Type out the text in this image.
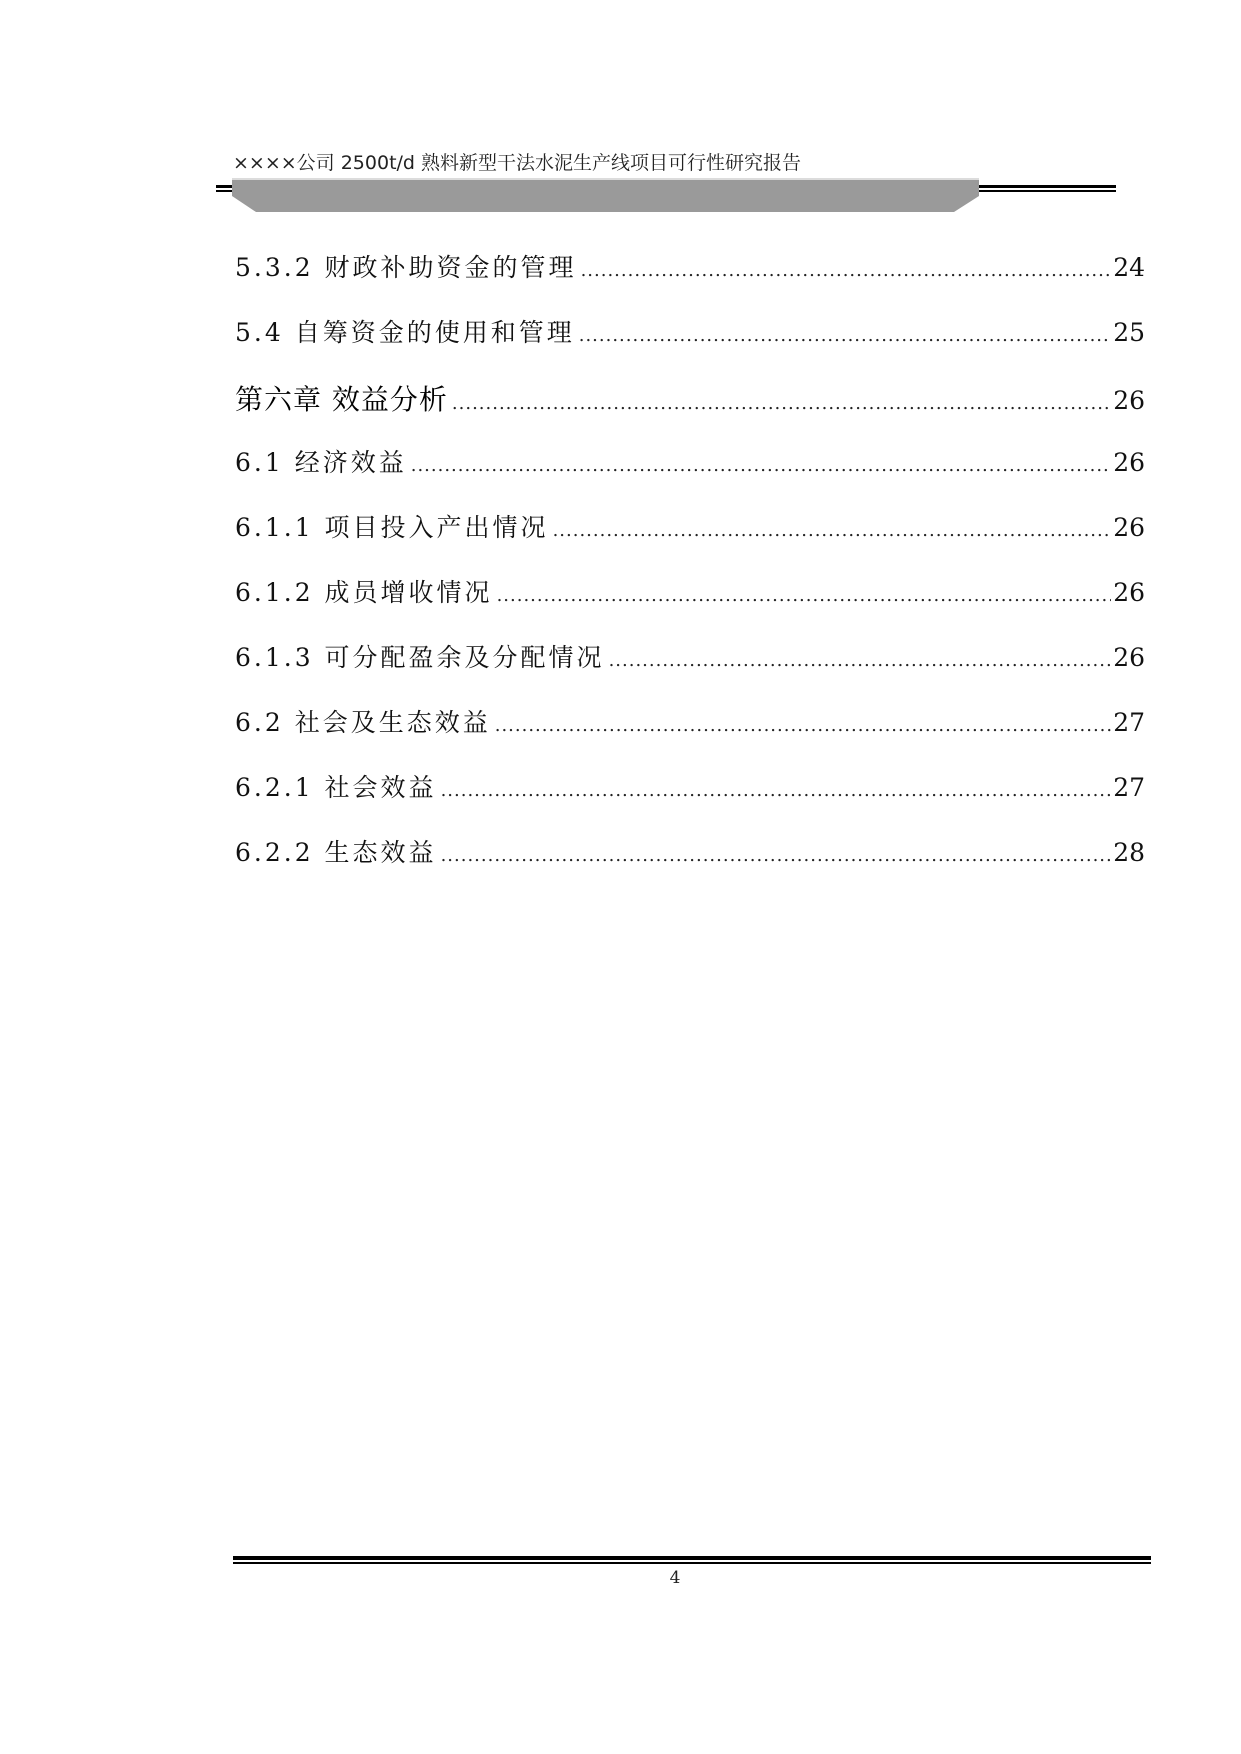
××××公司 2500t/d 熟料新型干法水泥生产线项目可行性研究报告
5.3.2 财政补助资金的管理 .....	24
5.4 自筹资金的使用和管理 .....	25
第六章 效益分析 .....	26
6.1 经济效益 .....	26
6.1.1 项目投入产出情况 .....	26
6.1.2 成员增收情况 .....	26
6.1.3 可分配盈余及分配情况 .....	26
6.2 社会及生态效益 .....	27
6.2.1 社会效益 .....	27
6.2.2 生态效益 .....	28
4
